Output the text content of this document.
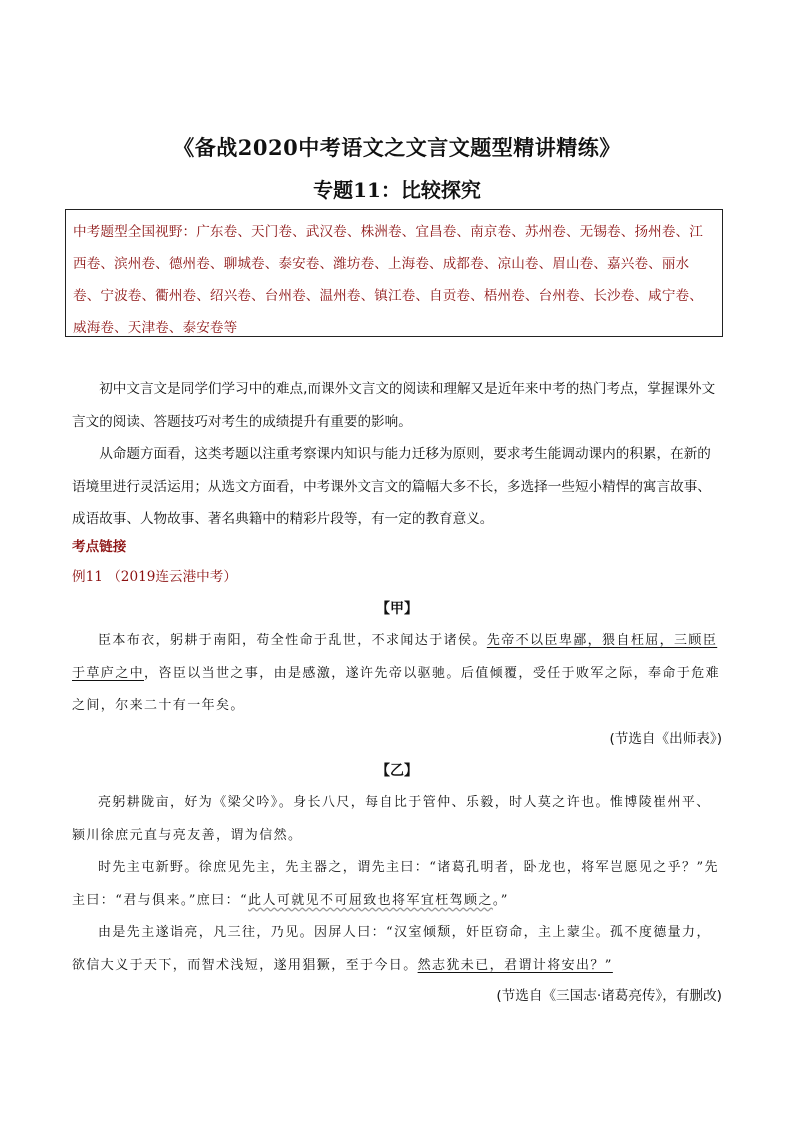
《备战2020中考语文之文言文题型精讲精练》
专题11：比较探究
中考题型全国视野：广东卷、天门卷、武汉卷、株洲卷、宜昌卷、南京卷、苏州卷、无锡卷、扬州卷、江西卷、滨州卷、德州卷、聊城卷、泰安卷、潍坊卷、上海卷、成都卷、凉山卷、眉山卷、嘉兴卷、丽水卷、宁波卷、衢州卷、绍兴卷、台州卷、温州卷、镇江卷、自贡卷、梧州卷、台州卷、长沙卷、咸宁卷、威海卷、天津卷、泰安卷等

初中文言文是同学们学习中的难点,而课外文言文的阅读和理解又是近年来中考的热门考点，掌握课外文言文的阅读、答题技巧对考生的成绩提升有重要的影响。

从命题方面看，这类考题以注重考察课内知识与能力迁移为原则，要求考生能调动课内的积累，在新的语境里进行灵活运用；从选文方面看，中考课外文言文的篇幅大多不长，多选择一些短小精悍的寓言故事、成语故事、人物故事、著名典籍中的精彩片段等，有一定的教育意义。

考点链接
例11 （2019连云港中考）
【甲】

臣本布衣，躬耕于南阳，苟全性命于乱世，不求闻达于诸侯。先帝不以臣卑鄙，猥自枉屈，三顾臣于草庐之中，咨臣以当世之事，由是感激，遂许先帝以驱驰。后值倾覆，受任于败军之际，奉命于危难之间，尔来二十有一年矣。

(节选自《出师表》)
【乙】

亮躬耕陇亩，好为《梁父吟》。身长八尺，每自比于管仲、乐毅，时人莫之许也。惟博陵崔州平、颍川徐庶元直与亮友善，谓为信然。

时先主屯新野。徐庶见先主，先主器之，谓先主曰：“诸葛孔明者，卧龙也，将军岂愿见之乎？”先主曰：“君与俱来。”庶曰：“此人可就见不可屈致也将军宜枉驾顾之。”

由是先主遂诣亮，凡三往，乃见。因屏人曰：“汉室倾颓，奸臣窃命，主上蒙尘。孤不度德量力，欲信大义于天下，而智术浅短，遂用猖獗，至于今日。然志犹未已，君谓计将安出？”

(节选自《三国志·诸葛亮传》，有删改)
